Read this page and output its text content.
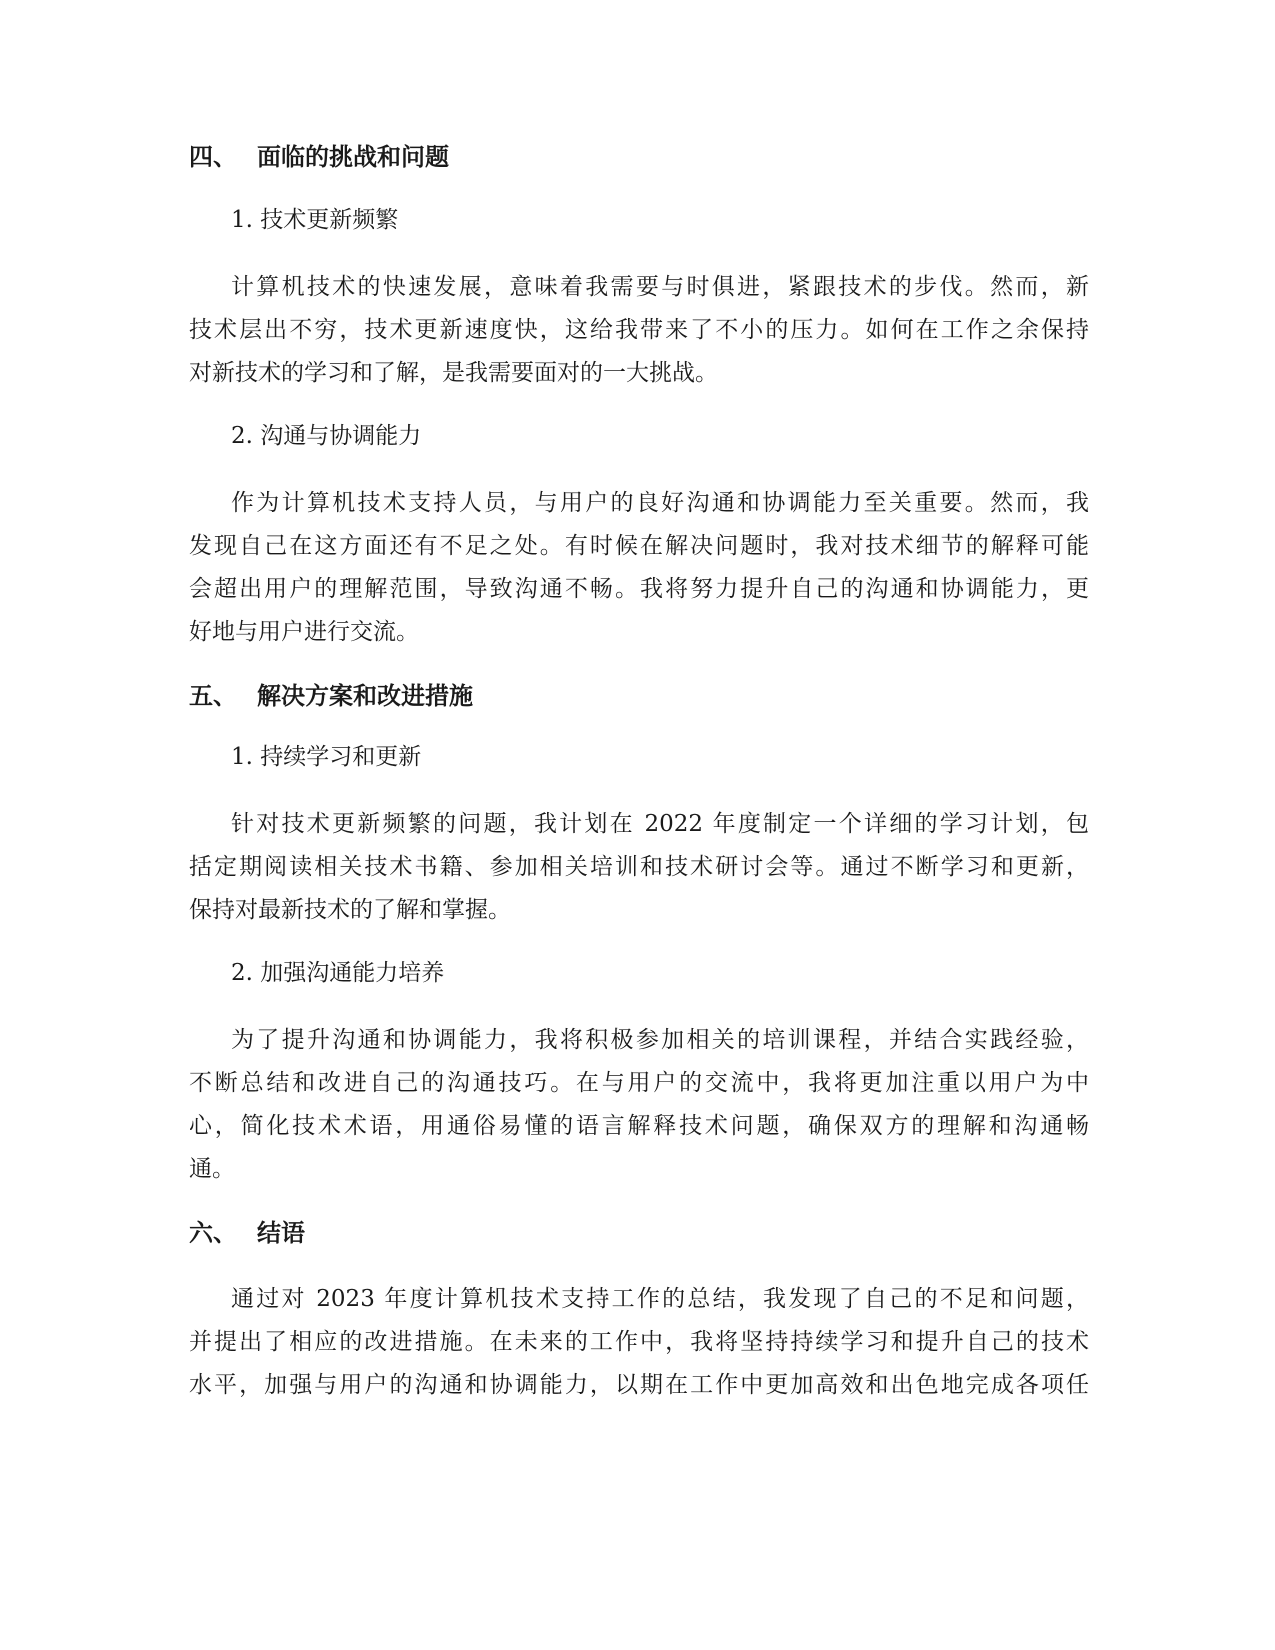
四、 面临的挑战和问题

1. 技术更新频繁

计算机技术的快速发展，意味着我需要与时俱进，紧跟技术的步伐。然而，新
技术层出不穷，技术更新速度快，这给我带来了不小的压力。如何在工作之余保持
对新技术的学习和了解，是我需要面对的一大挑战。

2. 沟通与协调能力

作为计算机技术支持人员，与用户的良好沟通和协调能力至关重要。然而，我
发现自己在这方面还有不足之处。有时候在解决问题时，我对技术细节的解释可能
会超出用户的理解范围，导致沟通不畅。我将努力提升自己的沟通和协调能力，更
好地与用户进行交流。

五、 解决方案和改进措施

1. 持续学习和更新

针对技术更新频繁的问题，我计划在 2022 年度制定一个详细的学习计划，包
括定期阅读相关技术书籍、参加相关培训和技术研讨会等。通过不断学习和更新，
保持对最新技术的了解和掌握。

2. 加强沟通能力培养

为了提升沟通和协调能力，我将积极参加相关的培训课程，并结合实践经验，
不断总结和改进自己的沟通技巧。在与用户的交流中，我将更加注重以用户为中
心，简化技术术语，用通俗易懂的语言解释技术问题，确保双方的理解和沟通畅
通。

六、 结语

通过对 2023 年度计算机技术支持工作的总结，我发现了自己的不足和问题，
并提出了相应的改进措施。在未来的工作中，我将坚持持续学习和提升自己的技术
水平，加强与用户的沟通和协调能力，以期在工作中更加高效和出色地完成各项任
